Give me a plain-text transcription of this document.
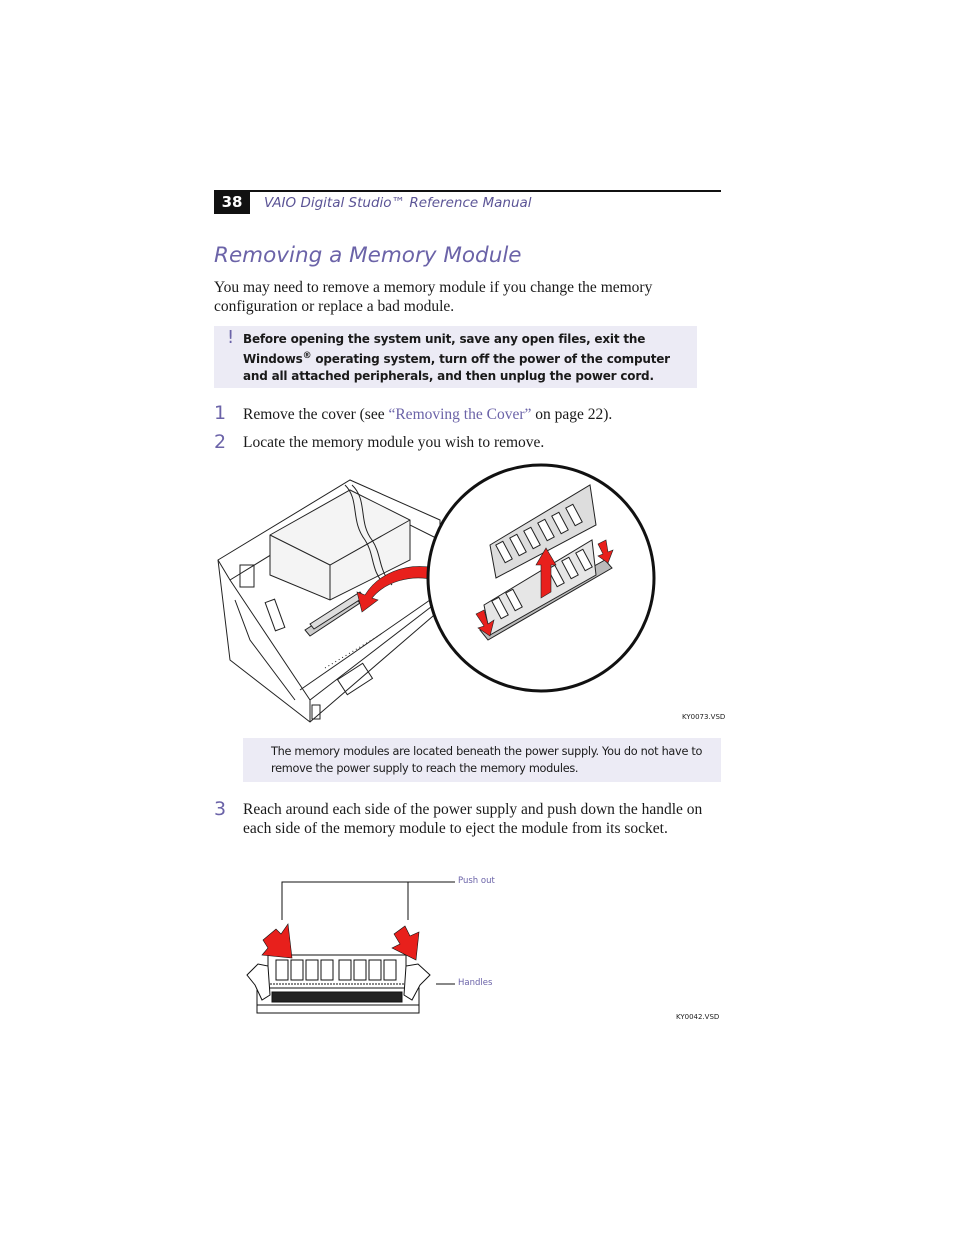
38	VAIO Digital Studio™ Reference Manual
Removing a Memory Module
You may need to remove a memory module if you change the memory configuration or replace a bad module.
! Before opening the system unit, save any open files, exit the Windows® operating system, turn off the power of the computer and all attached peripherals, and then unplug the power cord.
1 Remove the cover (see “Removing the Cover” on page 22).
2 Locate the memory module you wish to remove.
KY0073.VSD
The memory modules are located beneath the power supply. You do not have to remove the power supply to reach the memory modules.
3 Reach around each side of the power supply and push down the handle on each side of the memory module to eject the module from its socket.
Push out
Handles
KY0042.VSD
